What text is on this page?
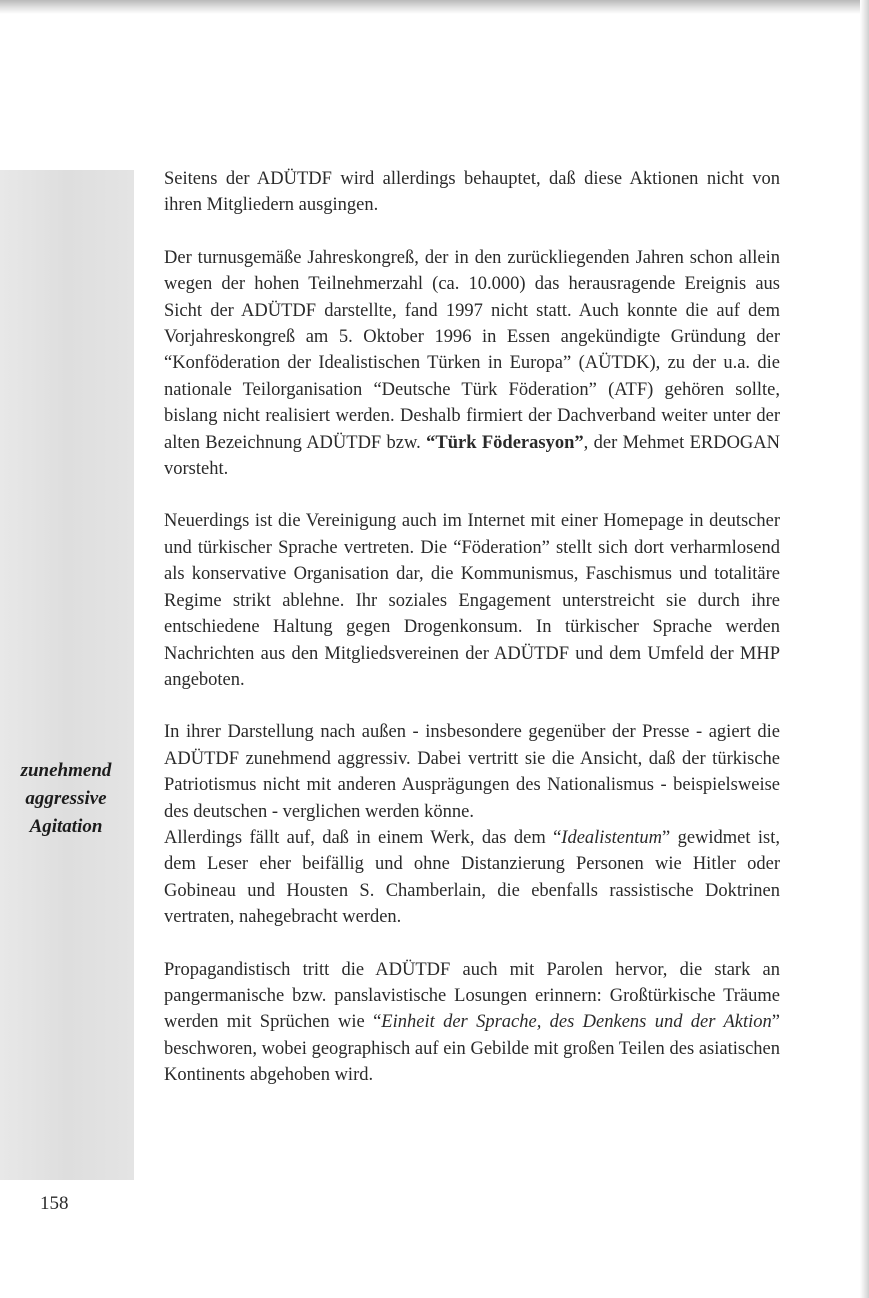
zunehmend
aggressive
Agitation

Seitens der ADÜTDF wird allerdings behauptet, daß diese Aktionen nicht von ihren Mitgliedern ausgingen.

Der turnusgemäße Jahreskongreß, der in den zurückliegenden Jahren schon allein wegen der hohen Teilnehmerzahl (ca. 10.000) das herausragende Ereignis aus Sicht der ADÜTDF darstellte, fand 1997 nicht statt. Auch konnte die auf dem Vorjahreskongreß am 5. Oktober 1996 in Essen angekündigte Gründung der “Konföderation der Idealistischen Türken in Europa” (AÜTDK), zu der u.a. die nationale Teilorganisation “Deutsche Türk Föderation” (ATF) gehören sollte, bislang nicht realisiert werden. Deshalb firmiert der Dachverband weiter unter der alten Bezeichnung ADÜTDF bzw. “Türk Föderasyon”, der Mehmet ERDOGAN vorsteht.

Neuerdings ist die Vereinigung auch im Internet mit einer Homepage in deutscher und türkischer Sprache vertreten. Die “Föderation” stellt sich dort verharmlosend als konservative Organisation dar, die Kommunismus, Faschismus und totalitäre Regime strikt ablehne. Ihr soziales Engagement unterstreicht sie durch ihre entschiedene Haltung gegen Drogenkonsum. In türkischer Sprache werden Nachrichten aus den Mitgliedsvereinen der ADÜTDF und dem Umfeld der MHP angeboten.

In ihrer Darstellung nach außen - insbesondere gegenüber der Presse - agiert die ADÜTDF zunehmend aggressiv. Dabei vertritt sie die Ansicht, daß der türkische Patriotismus nicht mit anderen Ausprägungen des Nationalismus - beispielsweise des deutschen - verglichen werden könne.

Allerdings fällt auf, daß in einem Werk, das dem “Idealistentum” gewidmet ist, dem Leser eher beifällig und ohne Distanzierung Personen wie Hitler oder Gobineau und Housten S. Chamberlain, die ebenfalls rassistische Doktrinen vertraten, nahegebracht werden.

Propagandistisch tritt die ADÜTDF auch mit Parolen hervor, die stark an pangermanische bzw. panslavistische Losungen erinnern: Großtürkische Träume werden mit Sprüchen wie “Einheit der Sprache, des Denkens und der Aktion” beschworen, wobei geographisch auf ein Gebilde mit großen Teilen des asiatischen Kontinents abgehoben wird.

158
